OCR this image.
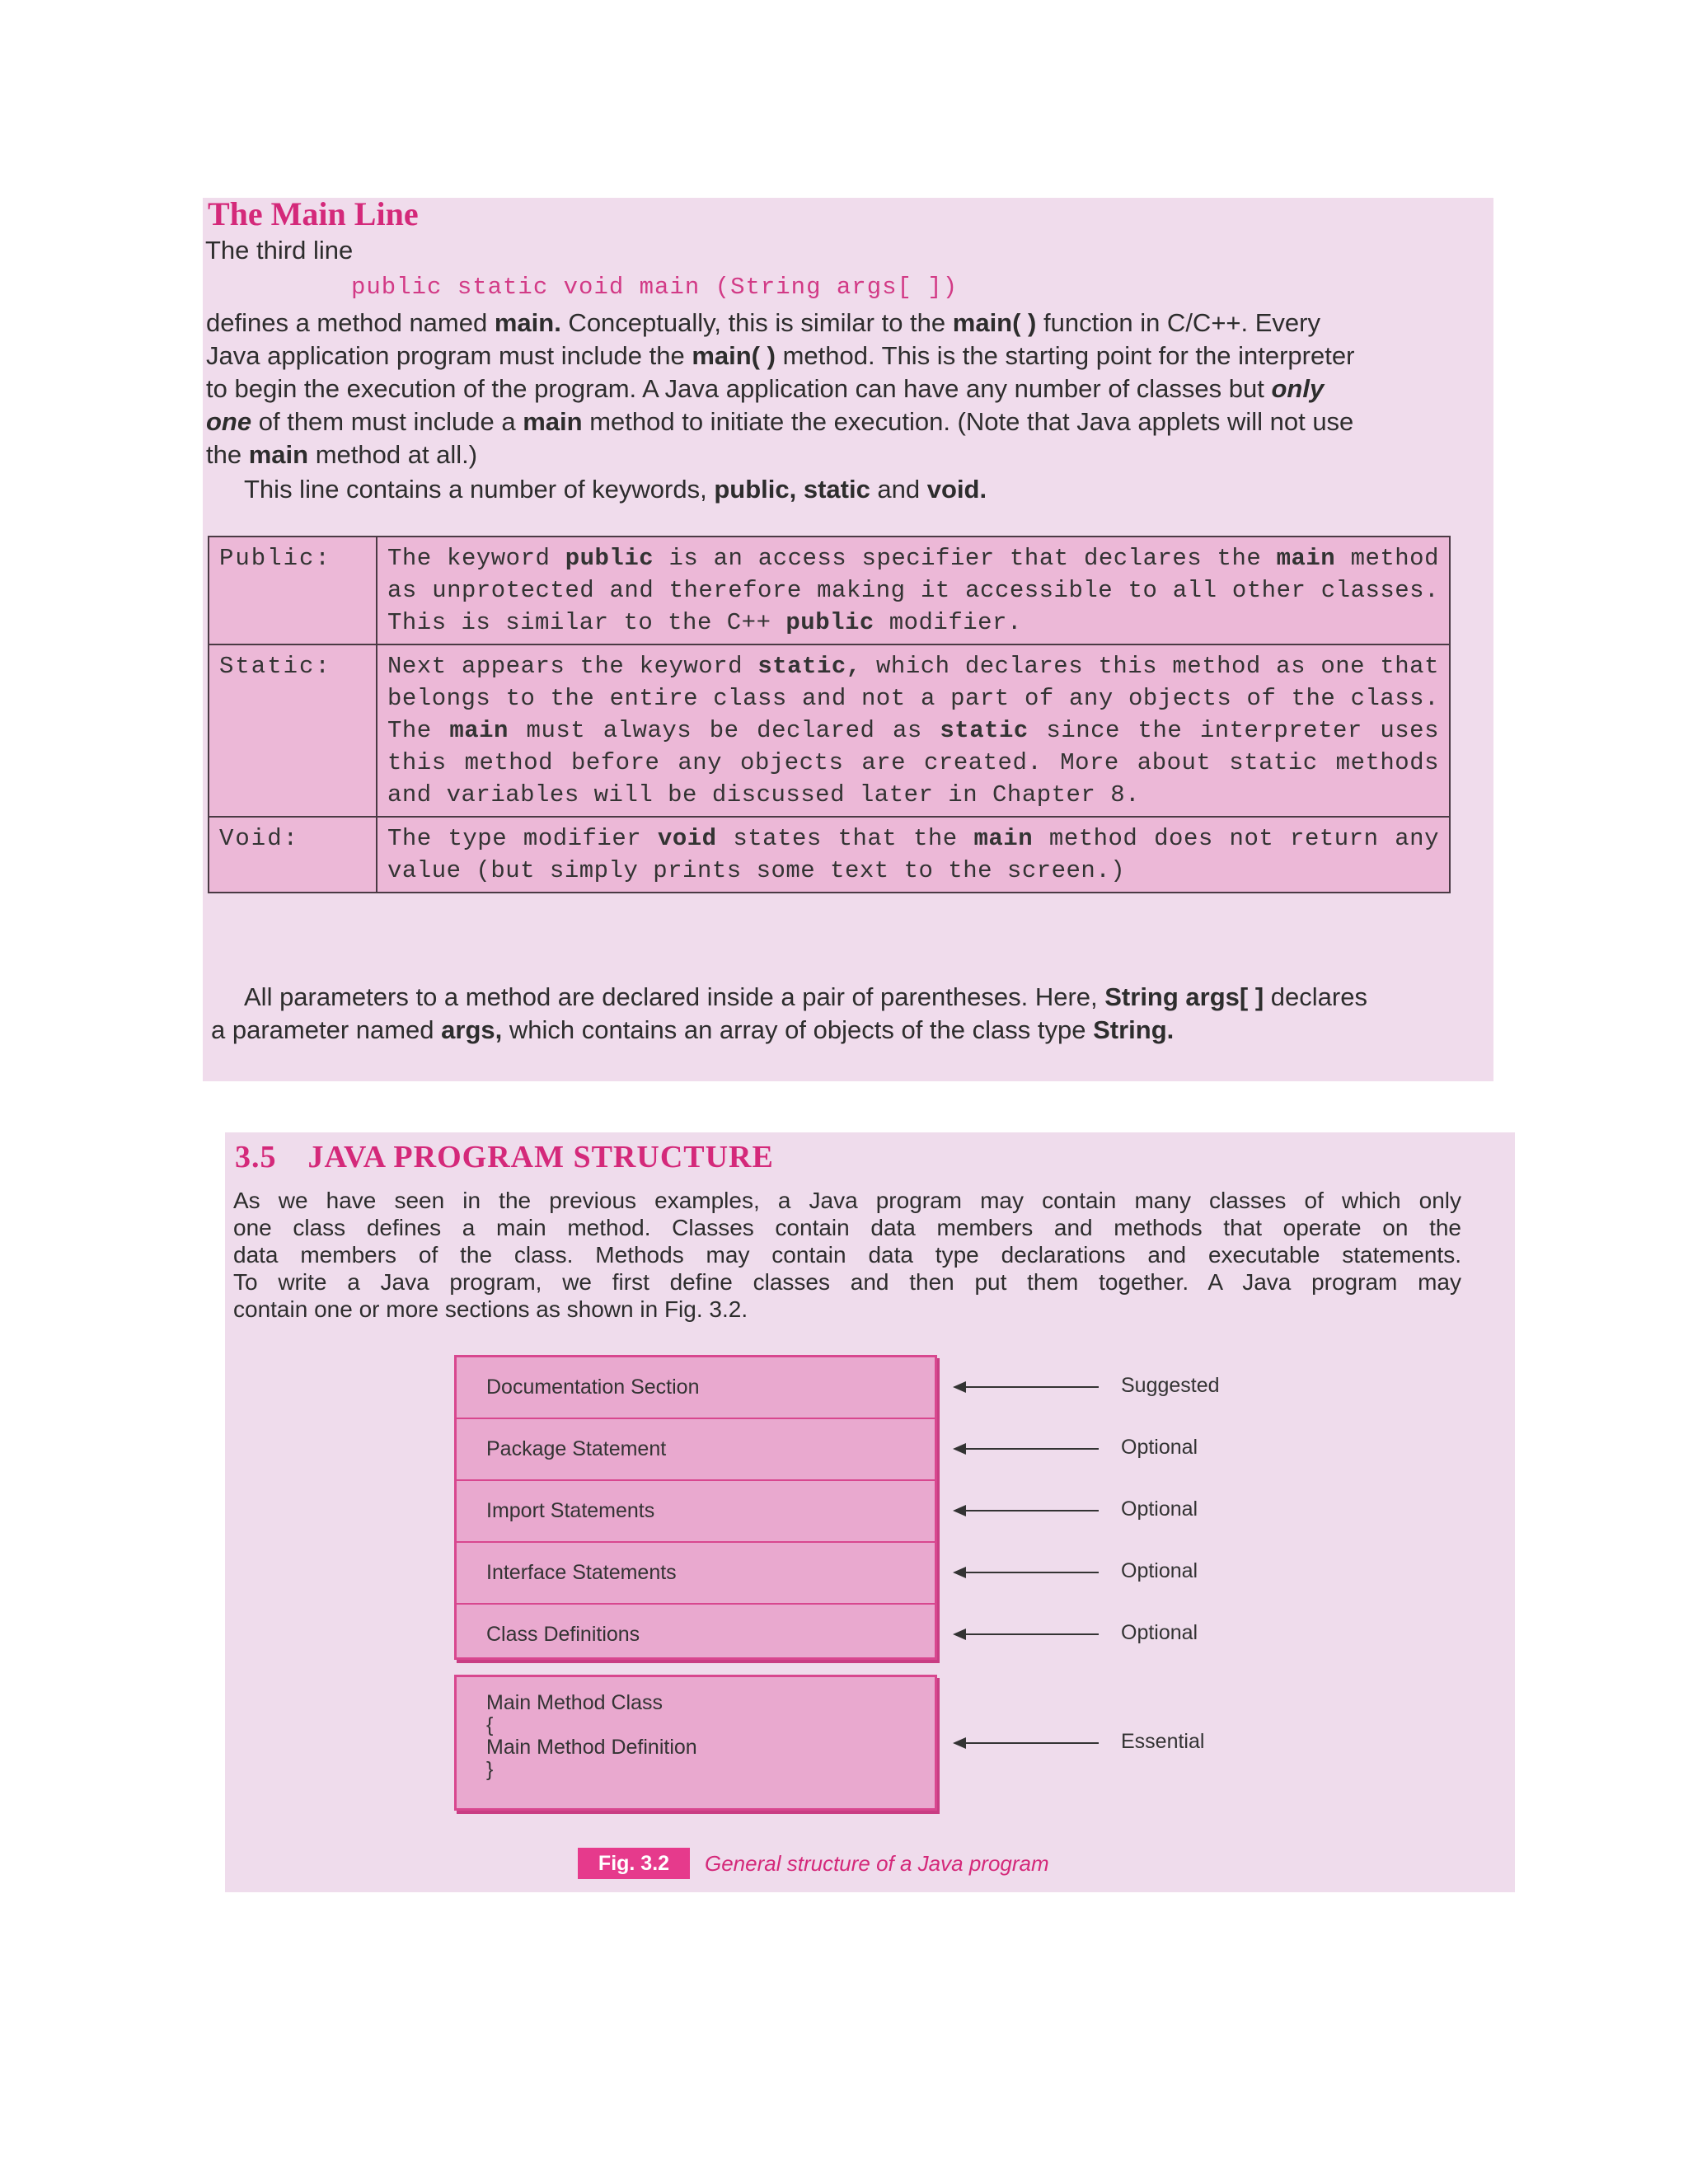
The Main Line
The third line
public static void main (String args[ ])
defines a method named main. Conceptually, this is similar to the main( ) function in C/C++. Every
Java application program must include the main( ) method. This is the starting point for the interpreter
to begin the execution of the program. A Java application can have any number of classes but only
one of them must include a main method to initiate the execution. (Note that Java applets will not use
the main method at all.)
This line contains a number of keywords, public, static and void.
Public:	The keyword public is an access specifier that declares the main method as unprotected and therefore making it accessible to all other classes. This is similar to the C++ public modifier.
Static:	Next appears the keyword static, which declares this method as one that belongs to the entire class and not a part of any objects of the class. The main must always be declared as static since the interpreter uses this method before any objects are created. More about static methods and variables will be discussed later in Chapter 8.
Void:	The type modifier void states that the main method does not return any value (but simply prints some text to the screen.)
All parameters to a method are declared inside a pair of parentheses. Here, String args[ ] declares
a parameter named args, which contains an array of objects of the class type String.
3.5 JAVA PROGRAM STRUCTURE
As we have seen in the previous examples, a Java program may contain many classes of which only
one class defines a main method. Classes contain data members and methods that operate on the
data members of the class. Methods may contain data type declarations and executable statements.
To write a Java program, we first define classes and then put them together. A Java program may
contain one or more sections as shown in Fig. 3.2.
Documentation Section
Package Statement
Import Statements
Interface Statements
Class Definitions
Main Method Class
{
Main Method Definition
}
Suggested
Optional
Optional
Optional
Optional
Essential
Fig. 3.2	General structure of a Java program
